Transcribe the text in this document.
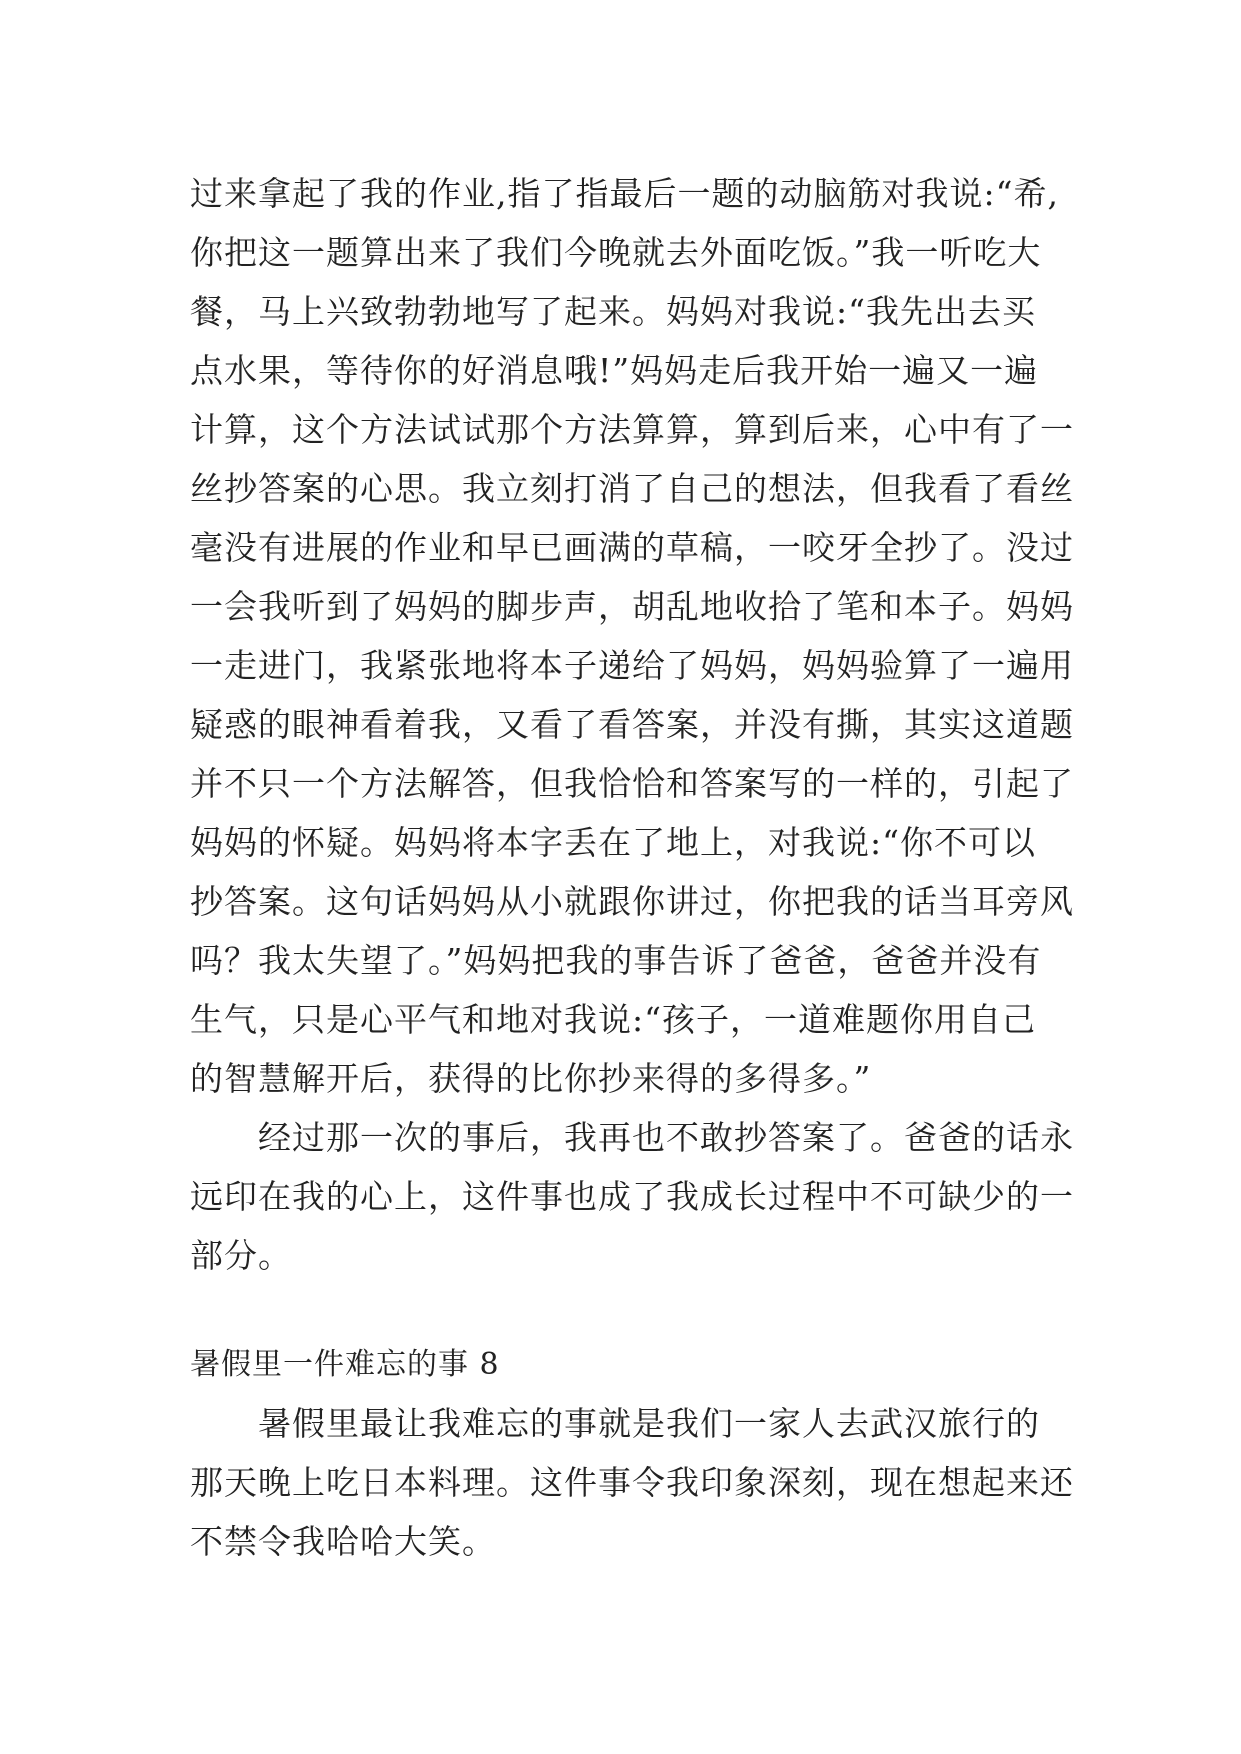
过来拿起了我的作业,指了指最后一题的动脑筋对我说:“希,
你把这一题算出来了我们今晚就去外面吃饭。”我一听吃大
餐，马上兴致勃勃地写了起来。妈妈对我说:“我先出去买
点水果，等待你的好消息哦!”妈妈走后我开始一遍又一遍
计算，这个方法试试那个方法算算，算到后来，心中有了一
丝抄答案的心思。我立刻打消了自己的想法，但我看了看丝
毫没有进展的作业和早已画满的草稿，一咬牙全抄了。没过
一会我听到了妈妈的脚步声，胡乱地收拾了笔和本子。妈妈
一走进门，我紧张地将本子递给了妈妈，妈妈验算了一遍用
疑惑的眼神看着我，又看了看答案，并没有撕，其实这道题
并不只一个方法解答，但我恰恰和答案写的一样的，引起了
妈妈的怀疑。妈妈将本字丢在了地上，对我说:“你不可以
抄答案。这句话妈妈从小就跟你讲过，你把我的话当耳旁风
吗？我太失望了。”妈妈把我的事告诉了爸爸，爸爸并没有
生气，只是心平气和地对我说:“孩子，一道难题你用自己
的智慧解开后，获得的比你抄来得的多得多。”
经过那一次的事后，我再也不敢抄答案了。爸爸的话永
远印在我的心上，这件事也成了我成长过程中不可缺少的一
部分。
暑假里一件难忘的事 8
暑假里最让我难忘的事就是我们一家人去武汉旅行的
那天晚上吃日本料理。这件事令我印象深刻，现在想起来还
不禁令我哈哈大笑。
